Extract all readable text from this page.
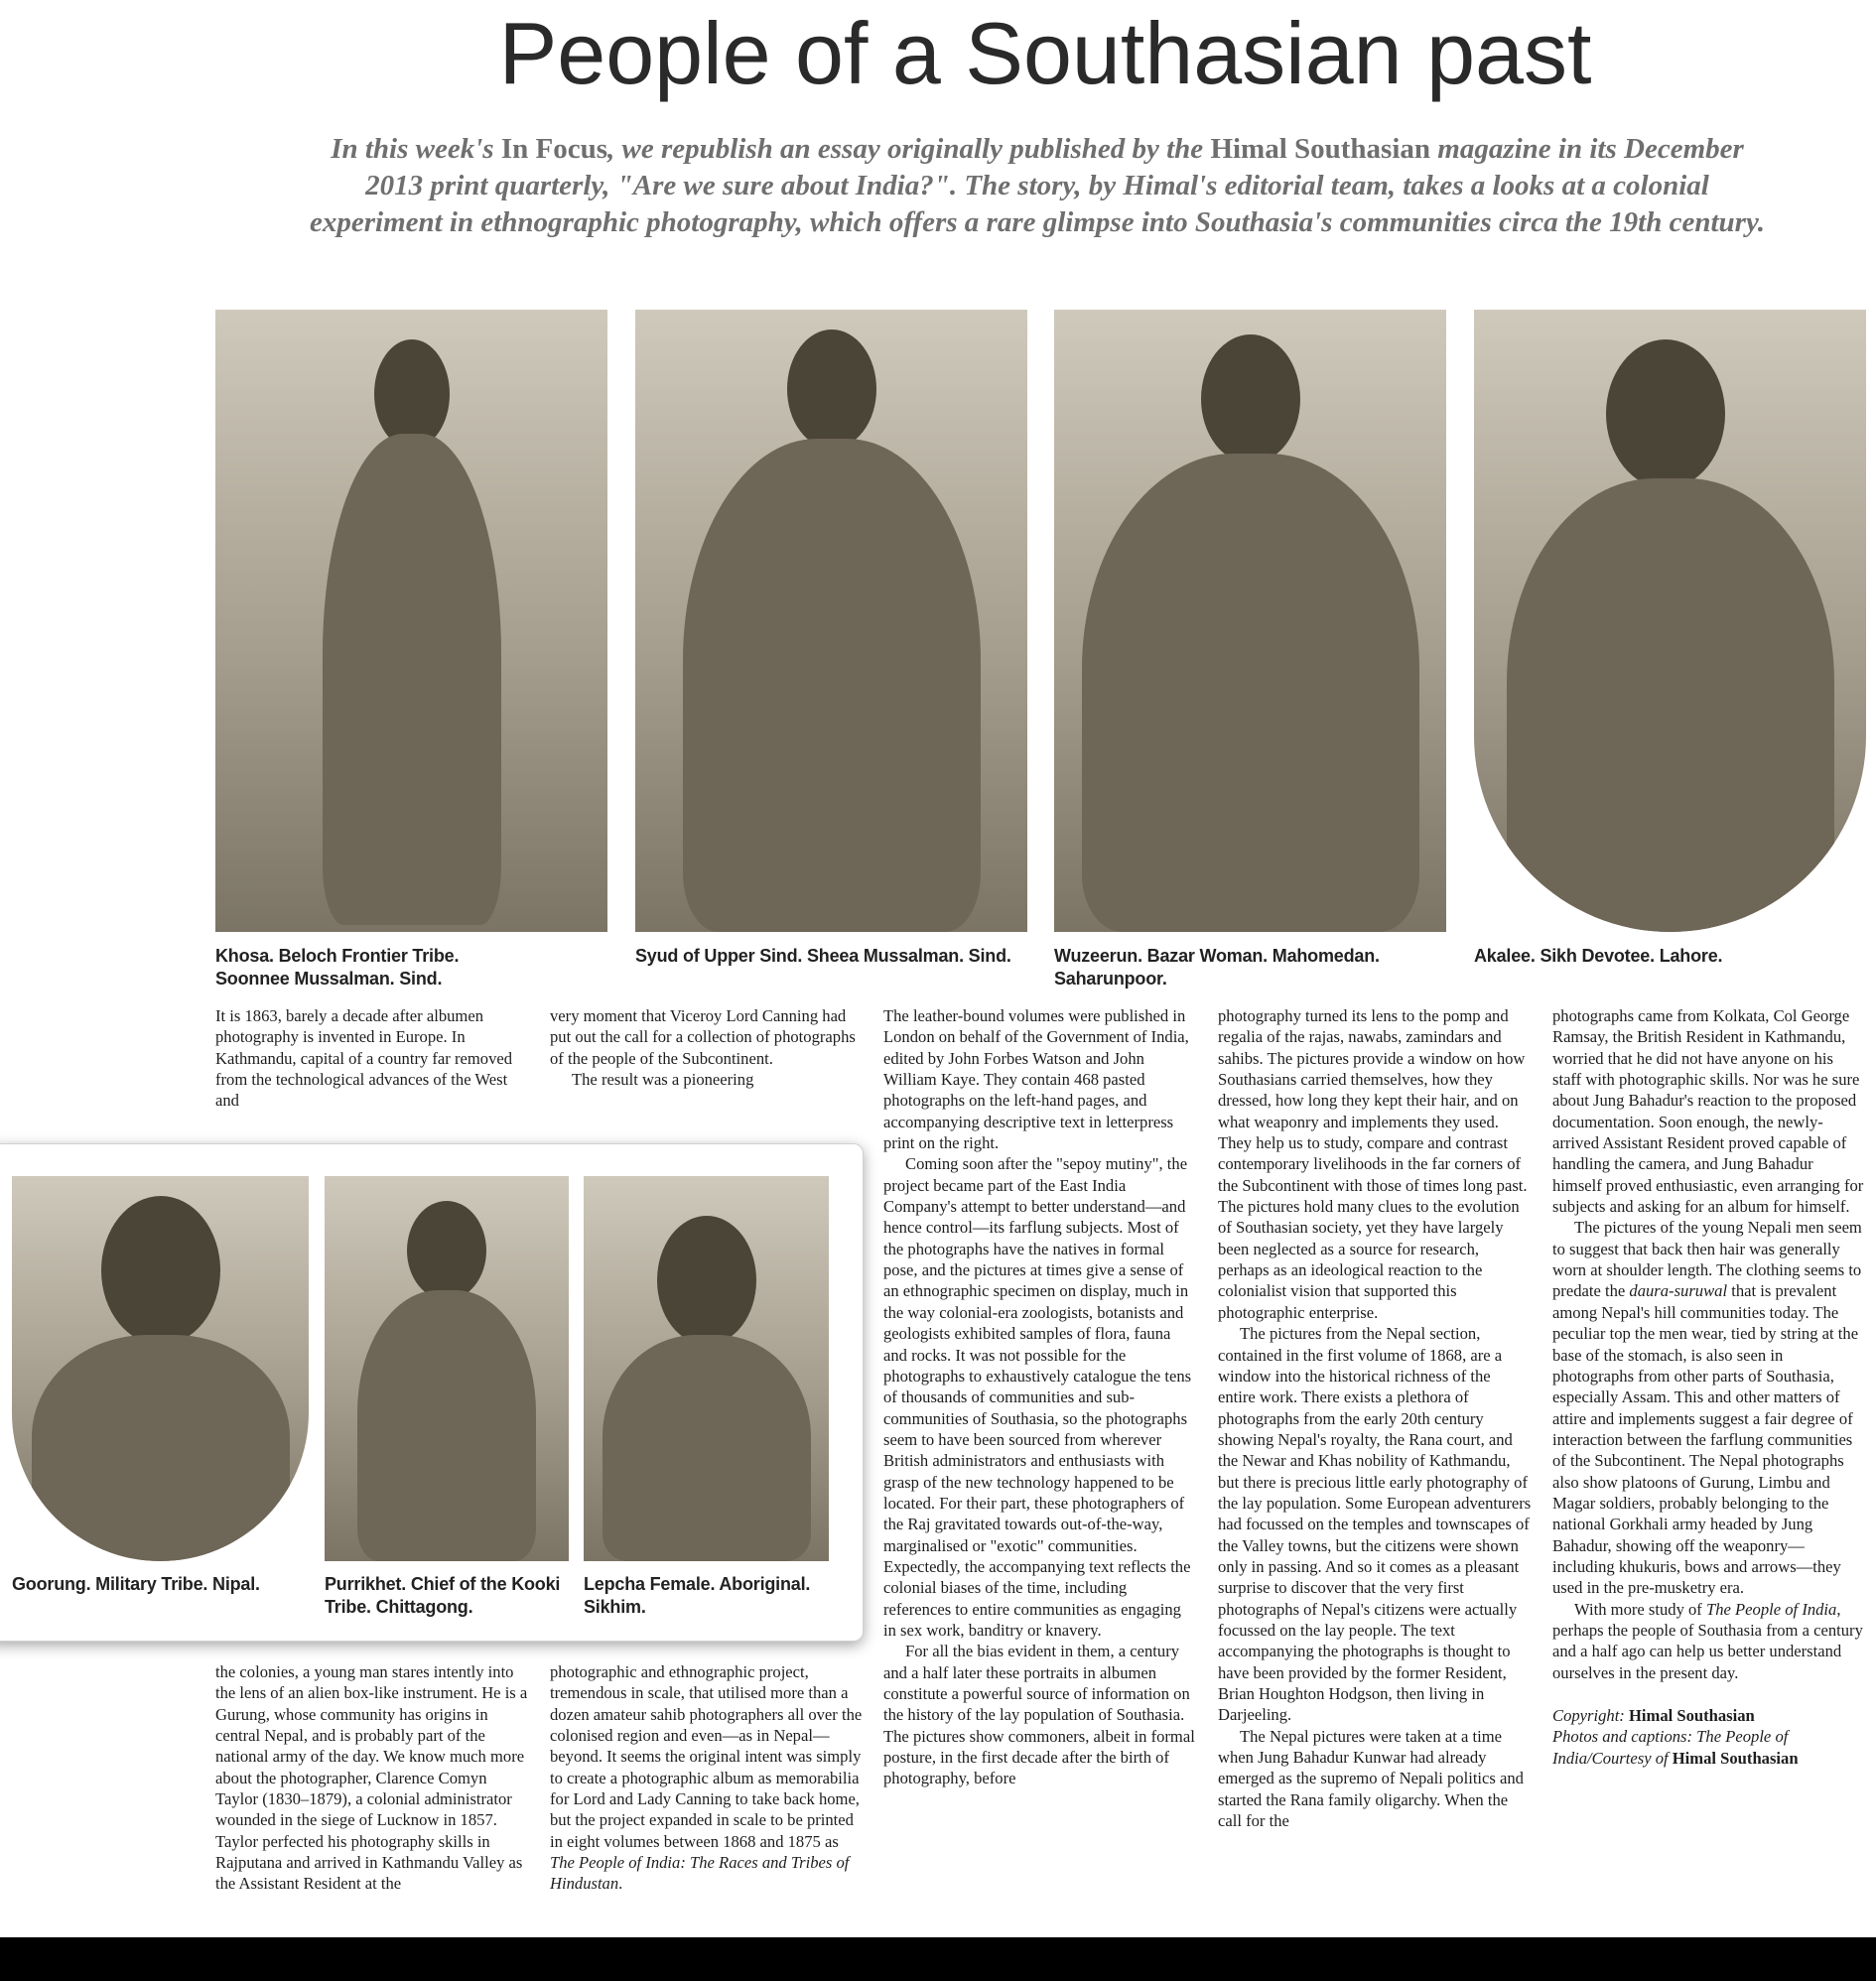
People of a Southasian past

In this week's In Focus, we republish an essay originally published by the Himal Southasian magazine in its December 2013 print quarterly, "Are we sure about India?". The story, by Himal's editorial team, takes a looks at a colonial experiment in ethnographic photography, which offers a rare glimpse into Southasia's communities circa the 19th century.

Khosa. Beloch Frontier Tribe.
Soonnee Mussalman. Sind.
Syud of Upper Sind. Sheea Mussalman. Sind.	Wuzeerun. Bazar Woman. Mahomedan.
Saharunpoor.
Akalee. Sikh Devotee. Lahore.

It is 1863, barely a decade after albumen photography is invented in Europe. In Kathmandu, capital of a country far removed from the technological advances of the West and

very moment that Viceroy Lord Canning had put out the call for a collection of photographs of the people of the Subcontinent.

The result was a pioneering

The leather-bound volumes were published in London on behalf of the Government of India, edited by John Forbes Watson and John William Kaye. They contain 468 pasted photographs on the left-hand pages, and accompanying descriptive text in letterpress print on the right.

Coming soon after the "sepoy mutiny", the project became part of the East India Company's attempt to better understand—and hence control—its farflung subjects. Most of the photographs have the natives in formal pose, and the pictures at times give a sense of an ethnographic specimen on display, much in the way colonial-era zoologists, botanists and geologists exhibited samples of flora, fauna and rocks. It was not possible for the photographs to exhaustively catalogue the tens of thousands of communities and sub-communities of Southasia, so the photographs seem to have been sourced from wherever British administrators and enthusiasts with grasp of the new technology happened to be located. For their part, these photographers of the Raj gravitated towards out-of-the-way, marginalised or "exotic" communities. Expectedly, the accompanying text reflects the colonial biases of the time, including references to entire communities as engaging in sex work, banditry or knavery.

For all the bias evident in them, a century and a half later these portraits in albumen constitute a powerful source of information on the history of the lay population of Southasia. The pictures show commoners, albeit in formal posture, in the first decade after the birth of photography, before

photography turned its lens to the pomp and regalia of the rajas, nawabs, zamindars and sahibs. The pictures provide a window on how Southasians carried themselves, how they dressed, how long they kept their hair, and on what weaponry and implements they used. They help us to study, compare and contrast contemporary livelihoods in the far corners of the Subcontinent with those of times long past. The pictures hold many clues to the evolution of Southasian society, yet they have largely been neglected as a source for research, perhaps as an ideological reaction to the colonialist vision that supported this photographic enterprise.

The pictures from the Nepal section, contained in the first volume of 1868, are a window into the historical richness of the entire work. There exists a plethora of photographs from the early 20th century showing Nepal's royalty, the Rana court, and the Newar and Khas nobility of Kathmandu, but there is precious little early photography of the lay population. Some European adventurers had focussed on the temples and townscapes of the Valley towns, but the citizens were shown only in passing. And so it comes as a pleasant surprise to discover that the very first photographs of Nepal's citizens were actually focussed on the lay people. The text accompanying the photographs is thought to have been provided by the former Resident, Brian Houghton Hodgson, then living in Darjeeling.

The Nepal pictures were taken at a time when Jung Bahadur Kunwar had already emerged as the supremo of Nepali politics and started the Rana family oligarchy. When the call for the

photographs came from Kolkata, Col George Ramsay, the British Resident in Kathmandu, worried that he did not have anyone on his staff with photographic skills. Nor was he sure about Jung Bahadur's reaction to the proposed documentation. Soon enough, the newly-arrived Assistant Resident proved capable of handling the camera, and Jung Bahadur himself proved enthusiastic, even arranging for subjects and asking for an album for himself.

The pictures of the young Nepali men seem to suggest that back then hair was generally worn at shoulder length. The clothing seems to predate the daura-suruwal that is prevalent among Nepal's hill communities today. The peculiar top the men wear, tied by string at the base of the stomach, is also seen in photographs from other parts of Southasia, especially Assam. This and other matters of attire and implements suggest a fair degree of interaction between the farflung communities of the Subcontinent. The Nepal photographs also show platoons of Gurung, Limbu and Magar soldiers, probably belonging to the national Gorkhali army headed by Jung Bahadur, showing off the weaponry—including khukuris, bows and arrows—they used in the pre-musketry era.

With more study of The People of India, perhaps the people of Southasia from a century and a half ago can help us better understand ourselves in the present day.

Copyright: Himal Southasian
Photos and captions: The People of India/Courtesy of Himal Southasian

the colonies, a young man stares intently into the lens of an alien box-like instrument. He is a Gurung, whose community has origins in central Nepal, and is probably part of the national army of the day. We know much more about the photographer, Clarence Comyn Taylor (1830–1879), a colonial administrator wounded in the siege of Lucknow in 1857. Taylor perfected his photography skills in Rajputana and arrived in Kathmandu Valley as the Assistant Resident at the

photographic and ethnographic project, tremendous in scale, that utilised more than a dozen amateur sahib photographers all over the colonised region and even—as in Nepal—beyond. It seems the original intent was simply to create a photographic album as memorabilia for Lord and Lady Canning to take back home, but the project expanded in scale to be printed in eight volumes between 1868 and 1875 as The People of India: The Races and Tribes of Hindustan.

Goorung. Military Tribe. Nipal.	Purrikhet. Chief of the Kooki
Tribe. Chittagong.
Lepcha Female. Aboriginal.
Sikhim.
